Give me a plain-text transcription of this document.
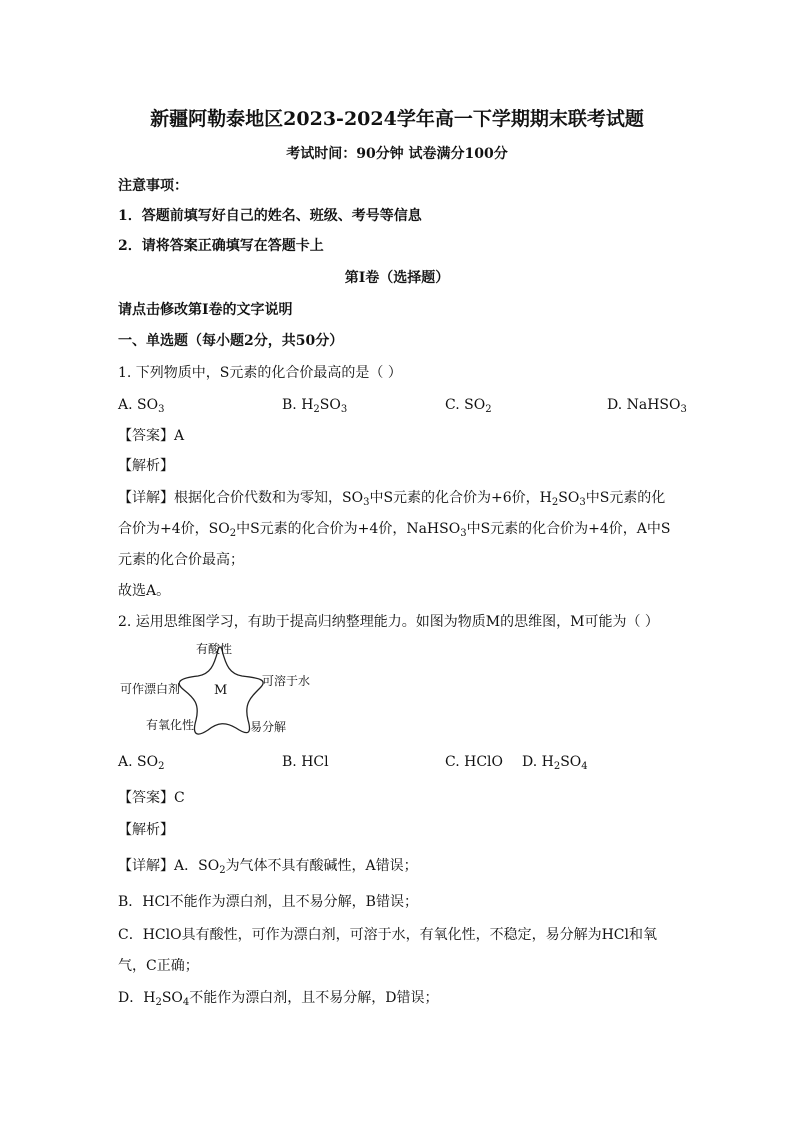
新疆阿勒泰地区2023-2024学年高一下学期期末联考试题
考试时间：90分钟 试卷满分100分
注意事项：
1．答题前填写好自己的姓名、班级、考号等信息
2．请将答案正确填写在答题卡上
第I卷（选择题）
请点击修改第I卷的文字说明
一、单选题（每小题2分，共50分）
1. 下列物质中，S元素的化合价最高的是（ ）
A. $SO_3$	B. $H_2SO_3$	C. $SO_2$	D. NaHSO$_3$
【答案】A
【解析】
【详解】根据化合价代数和为零知，$SO_3$中S元素的化合价为+6价，$H_2SO_3$中S元素的化
合价为+4价，$SO_2$中S元素的化合价为+4价，NaHSO$_3$中S元素的化合价为+4价，A中S
元素的化合价最高；
故选A。
2. 运用思维图学习，有助于提高归纳整理能力。如图为物质M的思维图，M可能为（ ）
有酸性
可作漂白剂
可溶于水
M
有氧化性	易分解
A. $SO_2$	B. HCl	C. HClO D. $H_2SO_4$
【答案】C
【解析】
【详解】A．$SO_2$为气体不具有酸碱性，A错误；
B．HCl不能作为漂白剂，且不易分解，B错误；
C．HClO具有酸性，可作为漂白剂，可溶于水，有氧化性，不稳定，易分解为HCl和氧
气，C正确；
D．$H_2SO_4$不能作为漂白剂，且不易分解，D错误；
